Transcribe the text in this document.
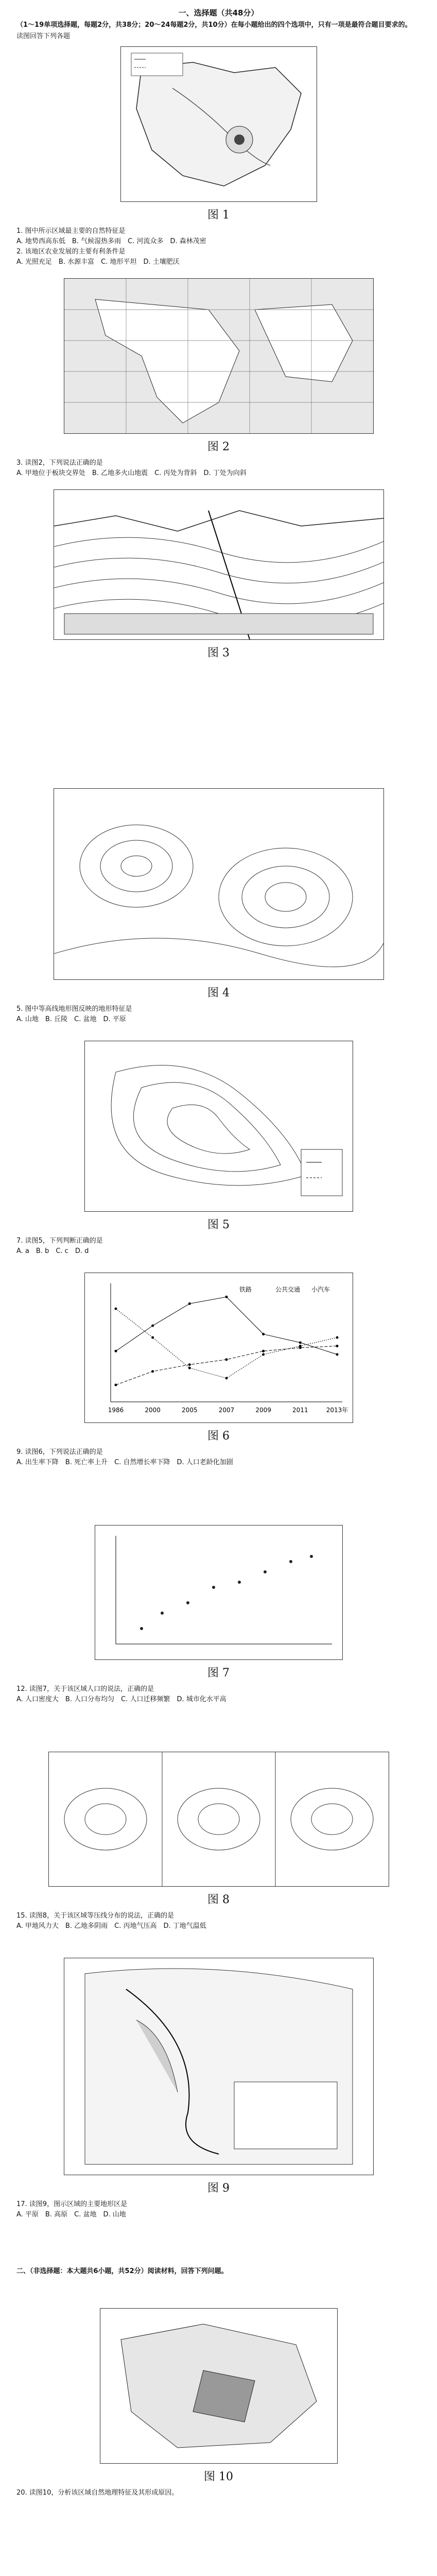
一、选择题（共48分）
（1～19单项选择题，每题2分，共38分；20～24每题2分，共10分）在每小题给出的四个选项中，只有一项是最符合题目要求的。
读图回答下列各题
图 1
1. 图中所示区域最主要的自然特征是
A. 地势西高东低　B. 气候湿热多雨　C. 河流众多　D. 森林茂密
2. 该地区农业发展的主要有利条件是
A. 光照充足　B. 水源丰富　C. 地形平坦　D. 土壤肥沃
图 2
3. 读图2，下列说法正确的是
A. 甲地位于板块交界处　B. 乙地多火山地震　C. 丙处为背斜　D. 丁处为向斜
图 3
图 4
5. 图中等高线地形图反映的地形特征是
A. 山地　B. 丘陵　C. 盆地　D. 平原
图 5
7. 读图5，下列判断正确的是
A. a　B. b　C. c　D. d
铁路	公共交通 小汽车
1986	2000	2005	2007	2009	2011	2013年
图 6
9. 读图6，下列说法正确的是
A. 出生率下降　B. 死亡率上升　C. 自然增长率下降　D. 人口老龄化加剧
图 7
12. 读图7，关于该区域人口的说法，正确的是
A. 人口密度大　B. 人口分布均匀　C. 人口迁移频繁　D. 城市化水平高
图 8
15. 读图8，关于该区域等压线分布的说法，正确的是
A. 甲地风力大　B. 乙地多阴雨　C. 丙地气压高　D. 丁地气温低
图 9
17. 读图9，图示区域的主要地形区是
A. 平原　B. 高原　C. 盆地　D. 山地
二、（非选择题：本大题共6小题，共52分）阅读材料，回答下列问题。
图 10
20. 读图10，分析该区域自然地理特征及其形成原因。
